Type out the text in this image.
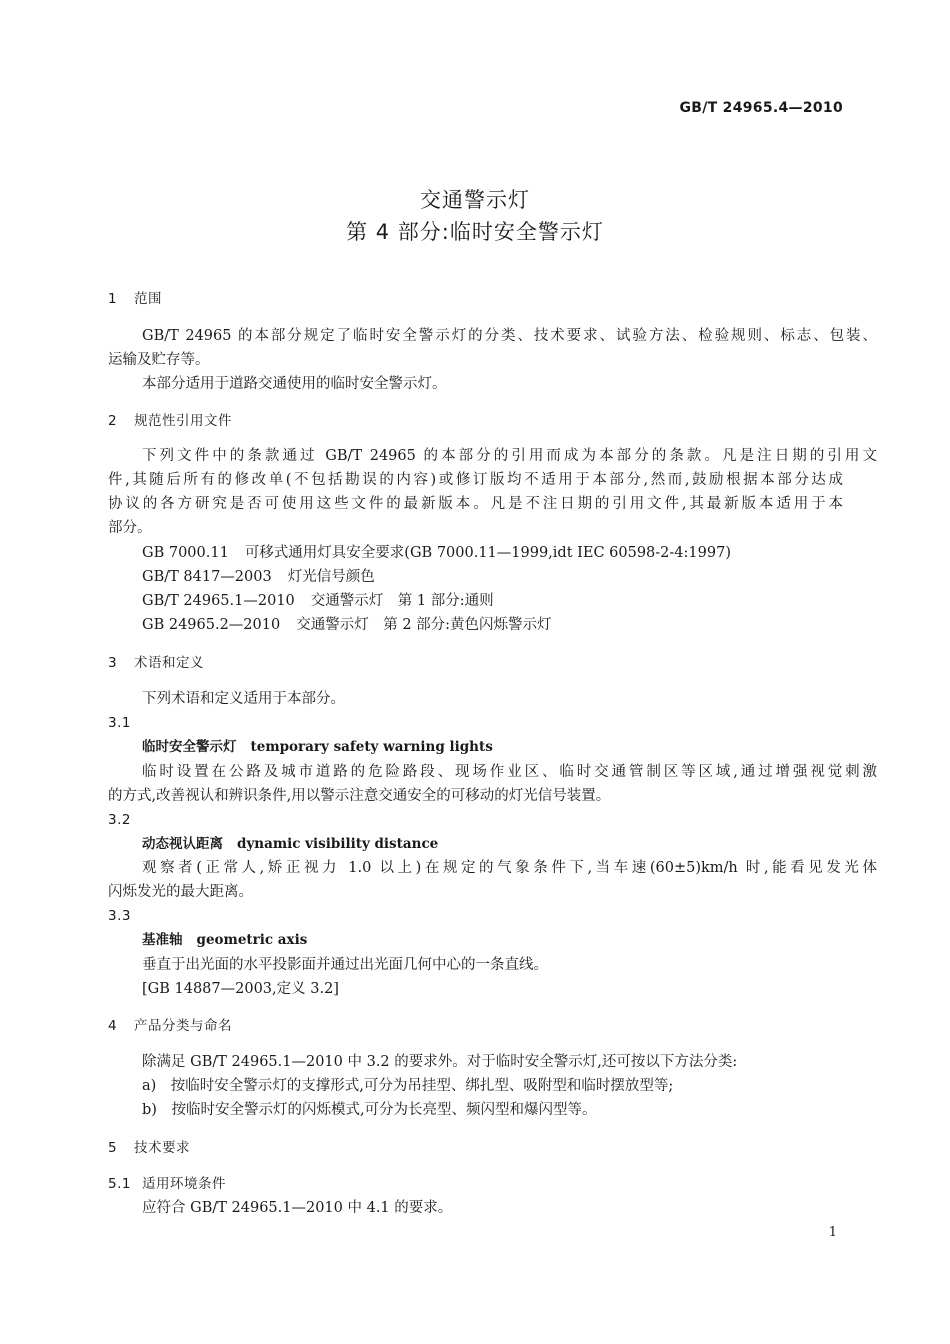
GB/T 24965.4—2010
交通警示灯
第 4 部分:临时安全警示灯
1 范围
GB/T 24965 的本部分规定了临时安全警示灯的分类、技术要求、试验方法、检验规则、标志、包装、
运输及贮存等。
本部分适用于道路交通使用的临时安全警示灯。
2 规范性引用文件
下列文件中的条款通过 GB/T 24965 的本部分的引用而成为本部分的条款。凡是注日期的引用文
件,其随后所有的修改单(不包括勘误的内容)或修订版均不适用于本部分,然而,鼓励根据本部分达成
协议的各方研究是否可使用这些文件的最新版本。凡是不注日期的引用文件,其最新版本适用于本
部分。
GB 7000.11 可移式通用灯具安全要求(GB 7000.11—1999,idt IEC 60598-2-4:1997)
GB/T 8417—2003 灯光信号颜色
GB/T 24965.1—2010 交通警示灯　第 1 部分:通则
GB 24965.2—2010 交通警示灯　第 2 部分:黄色闪烁警示灯
3 术语和定义
下列术语和定义适用于本部分。
3.1
临时安全警示灯 temporary safety warning lights
临时设置在公路及城市道路的危险路段、现场作业区、临时交通管制区等区域,通过增强视觉刺激
的方式,改善视认和辨识条件,用以警示注意交通安全的可移动的灯光信号装置。
3.2
动态视认距离 dynamic visibility distance
观察者(正常人,矫正视力 1.0 以上)在规定的气象条件下,当车速(60±5)km/h 时,能看见发光体
闪烁发光的最大距离。
3.3
基准轴 geometric axis
垂直于出光面的水平投影面并通过出光面几何中心的一条直线。
[GB 14887—2003,定义 3.2]
4 产品分类与命名
除满足 GB/T 24965.1—2010 中 3.2 的要求外。对于临时安全警示灯,还可按以下方法分类:
a)　按临时安全警示灯的支撑形式,可分为吊挂型、绑扎型、吸附型和临时摆放型等;
b)　按临时安全警示灯的闪烁模式,可分为长亮型、频闪型和爆闪型等。
5 技术要求
5.1 适用环境条件
应符合 GB/T 24965.1—2010 中 4.1 的要求。
1
